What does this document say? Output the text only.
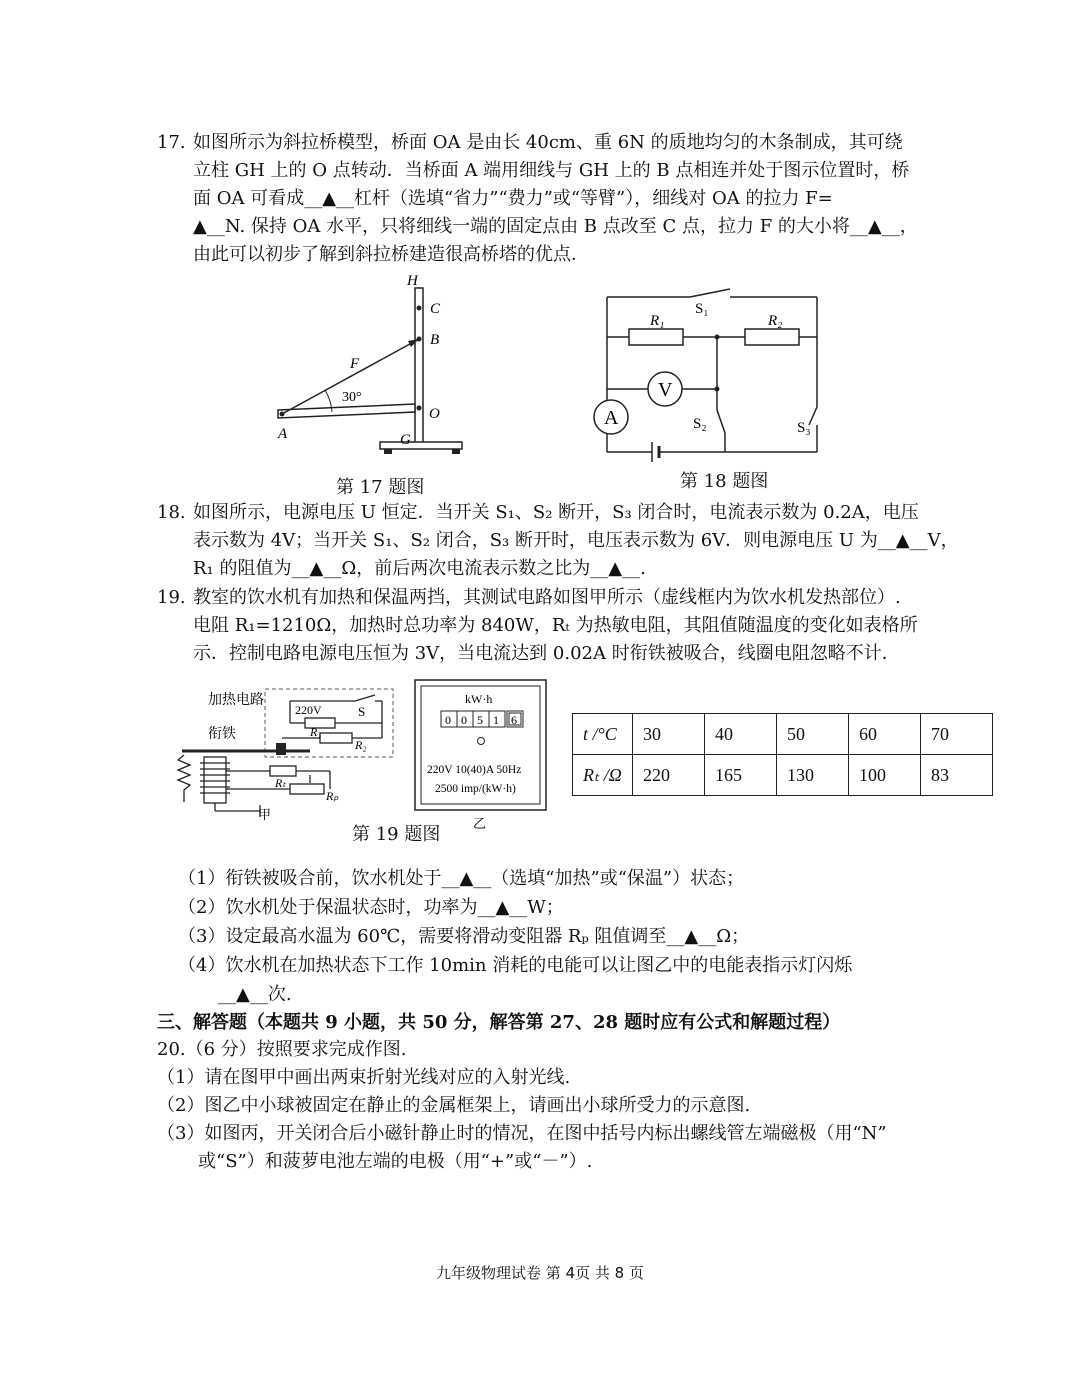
17. 如图所示为斜拉桥模型，桥面 OA 是由长 40cm、重 6N 的质地均匀的木条制成，其可绕
立柱 GH 上的 O 点转动．当桥面 A 端用细线与 GH 上的 B 点相连并处于图示位置时，桥
面 OA 可看成__▲__杠杆（选填“省力”“费力”或“等臂”），细线对 OA 的拉力 F=
▲__N. 保持 OA 水平，只将细线一端的固定点由 B 点改至 C 点，拉力 F 的大小将__▲__，
由此可以初步了解到斜拉桥建造很高桥塔的优点．
H
C
B
F
30°
O
A	G
第 17 题图
S₁
R₁	R₂
V
A	S₂	S₃
第 18 题图
18. 如图所示，电源电压 U 恒定．当开关 S₁、S₂ 断开，S₃ 闭合时，电流表示数为 0.2A，电压
表示数为 4V；当开关 S₁、S₂ 闭合，S₃ 断开时，电压表示数为 6V．则电源电压 U 为__▲__V，
R₁ 的阻值为__▲__Ω，前后两次电流表示数之比为__▲__.
19. 教室的饮水机有加热和保温两挡，其测试电路如图甲所示（虚线框内为饮水机发热部位）.
电阻 R₁=1210Ω，加热时总功率为 840W，Rₜ 为热敏电阻，其阻值随温度的变化如表格所
示．控制电路电源电压恒为 3V，当电流达到 0.02A 时衔铁被吸合，线圈电阻忽略不计．
加热电路
衔铁
220V	S
R₁
R₂
Rₜ
Rₚ
甲
第 19 题图
kW·h
0 0 5 1 6
220V 10(40)A 50Hz
2500 imp/(kW·h)
乙
t /°C	30	40	50	60	70
Rₜ /Ω	220	165	130	100	83
（1）衔铁被吸合前，饮水机处于__▲__（选填“加热”或“保温”）状态；
（2）饮水机处于保温状态时，功率为__▲__W；
（3）设定最高水温为 60℃，需要将滑动变阻器 Rₚ 阻值调至__▲__Ω；
（4）饮水机在加热状态下工作 10min 消耗的电能可以让图乙中的电能表指示灯闪烁
__▲__次.
三、解答题（本题共 9 小题，共 50 分，解答第 27、28 题时应有公式和解题过程）
20.（6 分）按照要求完成作图.
（1）请在图甲中画出两束折射光线对应的入射光线.
（2）图乙中小球被固定在静止的金属框架上，请画出小球所受力的示意图.
（3）如图丙，开关闭合后小磁针静止时的情况，在图中括号内标出螺线管左端磁极（用“N”
或“S”）和菠萝电池左端的电极（用“+”或“－”）.
九年级物理试卷 第 4页 共 8 页
